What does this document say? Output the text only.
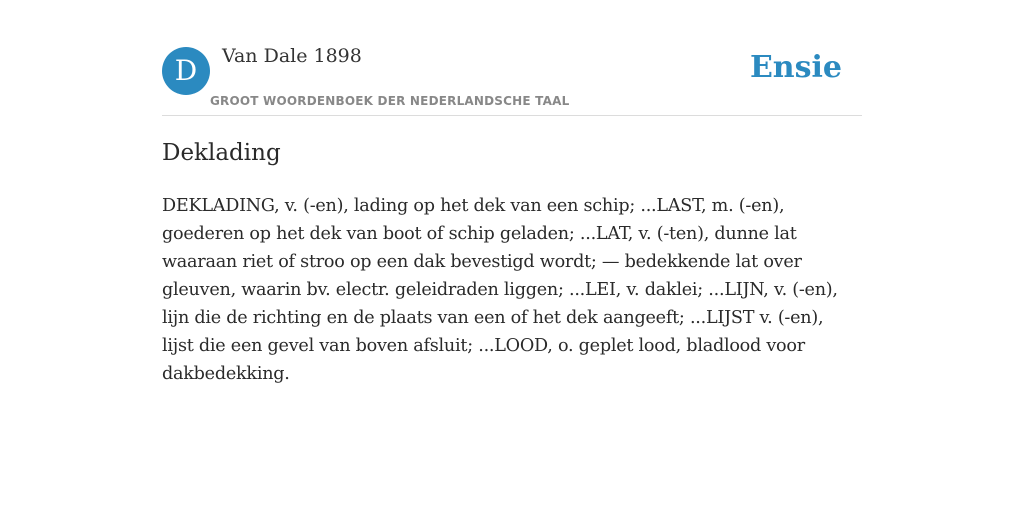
D	Van Dale 1898
GROOT WOORDENBOEK DER NEDERLANDSCHE TAAL
Ensie
Deklading

DEKLADING, v. (-en), lading op het dek van een schip; ...LAST, m. (-en), goederen op het dek van boot of schip geladen; ...LAT, v. (-ten), dunne lat waaraan riet of stroo op een dak bevestigd wordt; — bedekkende lat over gleuven, waarin bv. electr. geleidraden liggen; ...LEI, v. daklei; ...LIJN, v. (-en), lijn die de richting en de plaats van een of het dek aangeeft; ...LIJST v. (-en), lijst die een gevel van boven afsluit; ...LOOD, o. geplet lood, bladlood voor dakbedekking.
